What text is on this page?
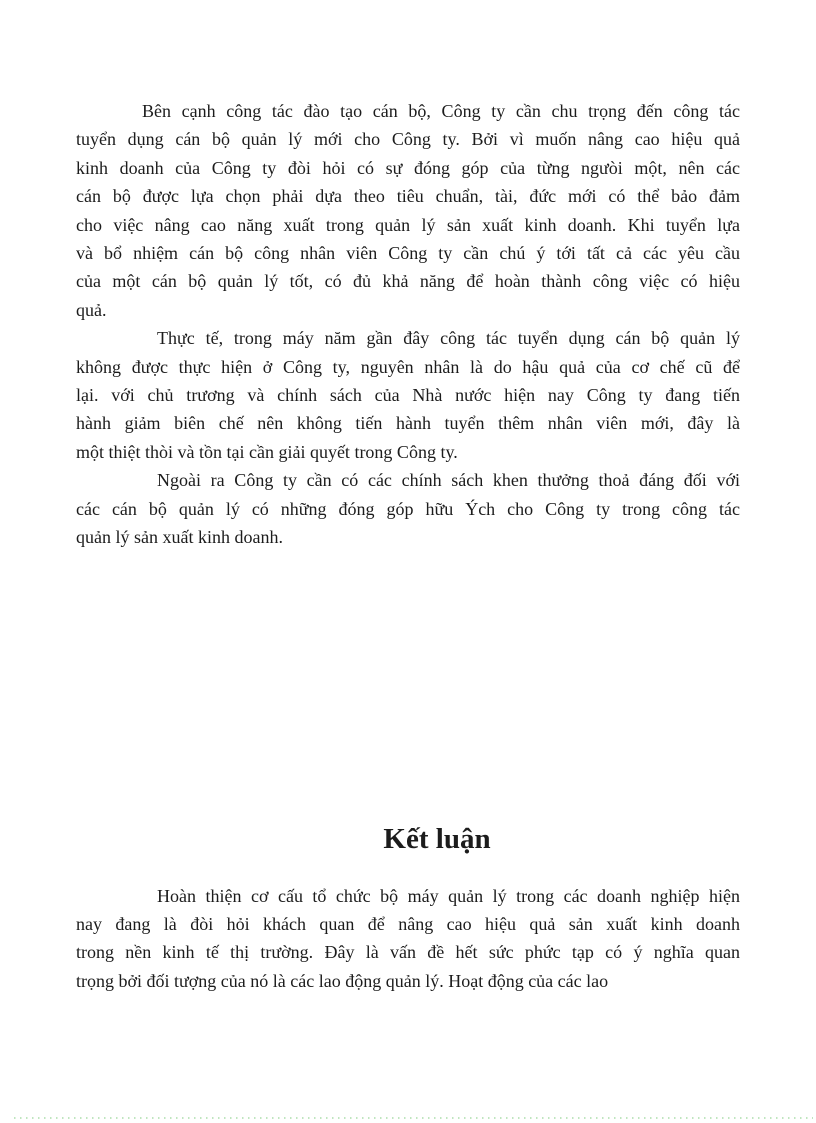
Bên cạnh công tác đào tạo cán bộ, Công ty cần chu trọng đến công tác
tuyển dụng cán bộ quản lý mới cho Công ty. Bởi vì muốn nâng cao hiệu quả
kinh doanh của Công ty đòi hỏi có sự đóng góp của từng ngưòi một, nên các
cán bộ được lựa chọn phải dựa theo tiêu chuẩn, tài, đức mới có thể bảo đảm
cho việc nâng cao năng xuất trong quản lý sản xuất kinh doanh. Khi tuyển lựa
và bổ nhiệm cán bộ công nhân viên Công ty cần chú ý tới tất cả các yêu cầu
của một cán bộ quản lý tốt, có đủ khả năng để hoàn thành công việc có hiệu
quả.

Thực tế, trong máy năm gần đây công tác tuyển dụng cán bộ quản lý
không được thực hiện ở Công ty, nguyên nhân là do hậu quả của cơ chế cũ để
lại. với chủ trương và chính sách của Nhà nước hiện nay Công ty đang tiến
hành giảm biên chế nên không tiến hành tuyển thêm nhân viên mới, đây là
một thiệt thòi và tồn tại cần giải quyết trong Công ty.

Ngoài ra Công ty cần có các chính sách khen thưởng thoả đáng đối với
các cán bộ quản lý có những đóng góp hữu Ých cho Công ty trong công tác
quản lý sản xuất kinh doanh.

Kết luận

Hoàn thiện cơ cấu tổ chức bộ máy quản lý trong các doanh nghiệp hiện
nay đang là đòi hỏi khách quan để nâng cao hiệu quả sản xuất kinh doanh
trong nền kinh tế thị trường. Đây là vấn đề hết sức phức tạp có ý nghĩa quan
trọng bởi đối tượng của nó là các lao động quản lý. Hoạt động của các lao
